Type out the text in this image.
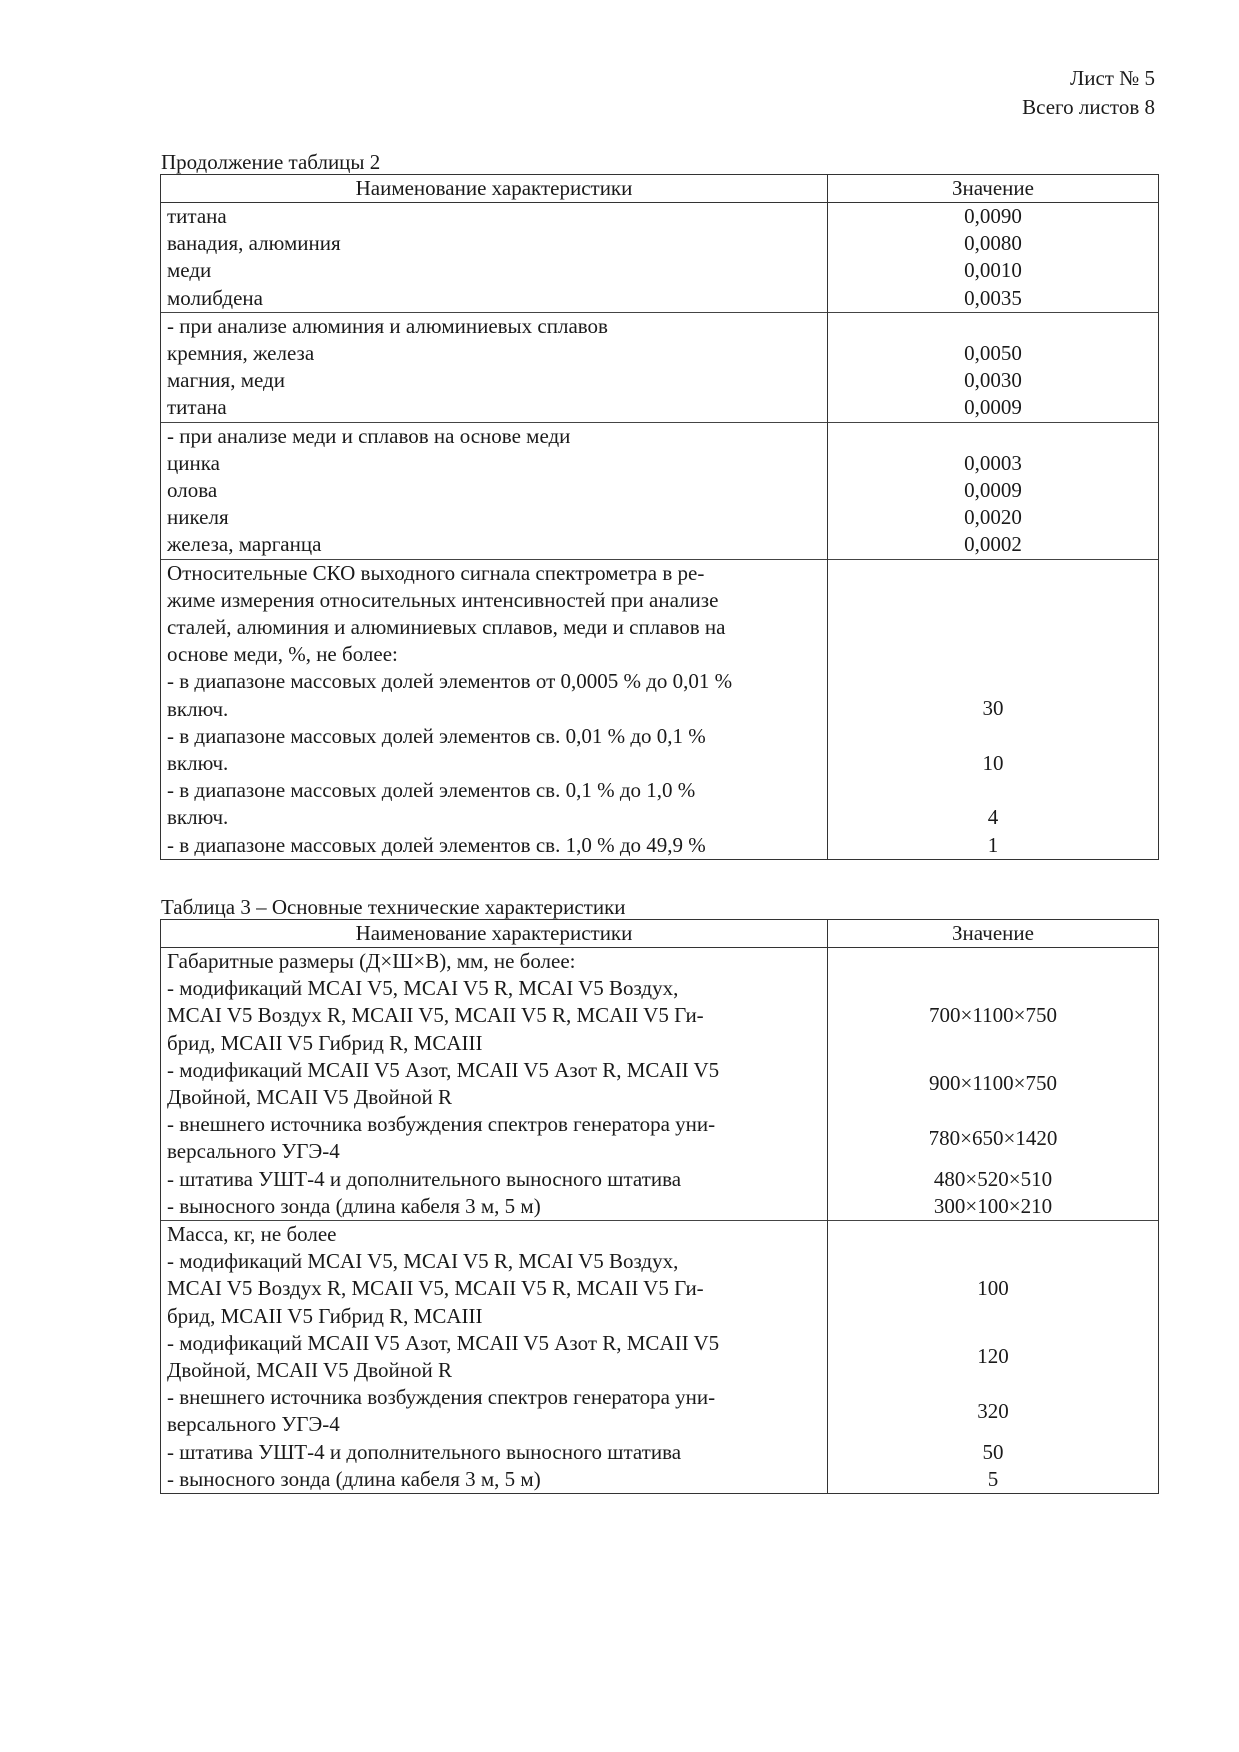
Лист № 5
Всего листов 8
Продолжение таблицы 2
Наименование характеристики	Значение
титана	0,0090
ванадия, алюминия	0,0080
меди	0,0010
молибдена	0,0035
- при анализе алюминия и алюминиевых сплавов	
кремния, железа	0,0050
магния, меди	0,0030
титана	0,0009
- при анализе меди и сплавов на основе меди	
цинка	0,0003
олова	0,0009
никеля	0,0020
железа, марганца	0,0002

Относительные СКО выходного сигнала спектрометра в ре-
жиме измерения относительных интенсивностей при анализе
сталей, алюминия и алюминиевых сплавов, меди и сплавов на
основе меди, %, не более:	

- в диапазоне массовых долей элементов от 0,0005 % до 0,01 %
включ.	30

- в диапазоне массовых долей элементов св. 0,01 % до 0,1 %
включ.	10

- в диапазоне массовых долей элементов св. 0,1 % до 1,0 %
включ.	4

- в диапазоне массовых долей элементов св. 1,0 % до 49,9 %	1
Таблица 3 – Основные технические характеристики
Наименование характеристики	Значение
Габаритные размеры (Д×Ш×В), мм, не более:	

- модификаций MCAI V5, MCAI V5 R, MCAI V5 Воздух,
MCAI V5 Воздух R, MCAII V5, MCAII V5 R, MCAII V5 Ги-
брид, MCAII V5 Гибрид R, MCAIII	700×1100×750

- модификаций MCAII V5 Азот, MCAII V5 Азот R, MCAII V5
Двойной, MCAII V5 Двойной R	900×1100×750

- внешнего источника возбуждения спектров генератора уни-
версального УГЭ-4	780×650×1420

- штатива УШТ-4 и дополнительного выносного штатива	480×520×510

- выносного зонда (длина кабеля 3 м, 5 м)	300×100×210
Масса, кг, не более	

- модификаций MCAI V5, MCAI V5 R, MCAI V5 Воздух,
MCAI V5 Воздух R, MCAII V5, MCAII V5 R, MCAII V5 Ги-
брид, MCAII V5 Гибрид R, MCAIII	100

- модификаций MCAII V5 Азот, MCAII V5 Азот R, MCAII V5
Двойной, MCAII V5 Двойной R	120

- внешнего источника возбуждения спектров генератора уни-
версального УГЭ-4	320

- штатива УШТ-4 и дополнительного выносного штатива	50

- выносного зонда (длина кабеля 3 м, 5 м)	5
